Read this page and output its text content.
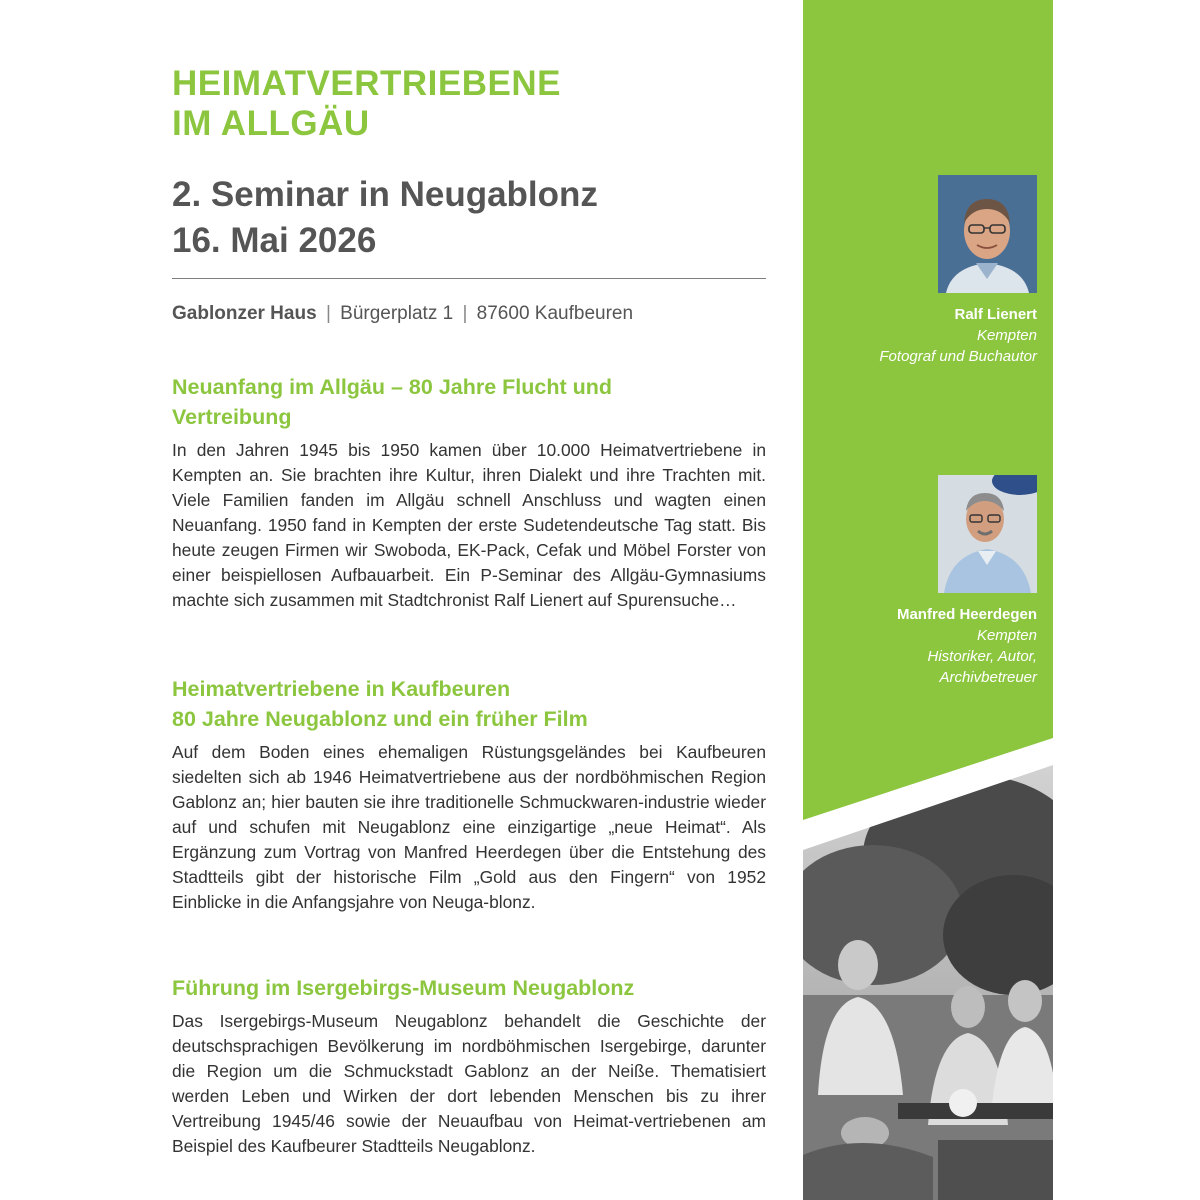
HEIMATVERTRIEBENE
IM ALLGÄU
2. Seminar in Neugablonz
16. Mai 2026
Gablonzer Haus | Bürgerplatz 1 | 87600 Kaufbeuren
Neuanfang im Allgäu – 80 Jahre Flucht und
Vertreibung

In den Jahren 1945 bis 1950 kamen über 10.000 Heimatvertriebene in Kempten an. Sie brachten ihre Kultur, ihren Dialekt und ihre Trachten mit. Viele Familien fanden im Allgäu schnell Anschluss und wagten einen Neuanfang. 1950 fand in Kempten der erste Sudetendeutsche Tag statt. Bis heute zeugen Firmen wir Swoboda, EK-Pack, Cefak und Möbel Forster von einer beispiellosen Aufbauarbeit. Ein P-Seminar des Allgäu-Gymnasiums machte sich zusammen mit Stadtchronist Ralf Lienert auf Spurensuche…

Heimatvertriebene in Kaufbeuren
80 Jahre Neugablonz und ein früher Film

Auf dem Boden eines ehemaligen Rüstungsgeländes bei Kaufbeuren siedelten sich ab 1946 Heimatvertriebene aus der nordböhmischen Region Gablonz an; hier bauten sie ihre traditionelle Schmuckwaren-industrie wieder auf und schufen mit Neugablonz eine einzigartige „neue Heimat“. Als Ergänzung zum Vortrag von Manfred Heerdegen über die Entstehung des Stadtteils gibt der historische Film „Gold aus den Fingern“ von 1952 Einblicke in die Anfangsjahre von Neuga-blonz.

Führung im Isergebirgs-Museum Neugablonz

Das Isergebirgs-Museum Neugablonz behandelt die Geschichte der deutschsprachigen Bevölkerung im nordböhmischen Isergebirge, darunter die Region um die Schmuckstadt Gablonz an der Neiße. Thematisiert werden Leben und Wirken der dort lebenden Menschen bis zu ihrer Vertreibung 1945/46 sowie der Neuaufbau von Heimat-vertriebenen am Beispiel des Kaufbeurer Stadtteils Neugablonz.

Ralf Lienert
Kempten
Fotograf und Buchautor
Manfred Heerdegen
Kempten
Historiker, Autor,
Archivbetreuer
